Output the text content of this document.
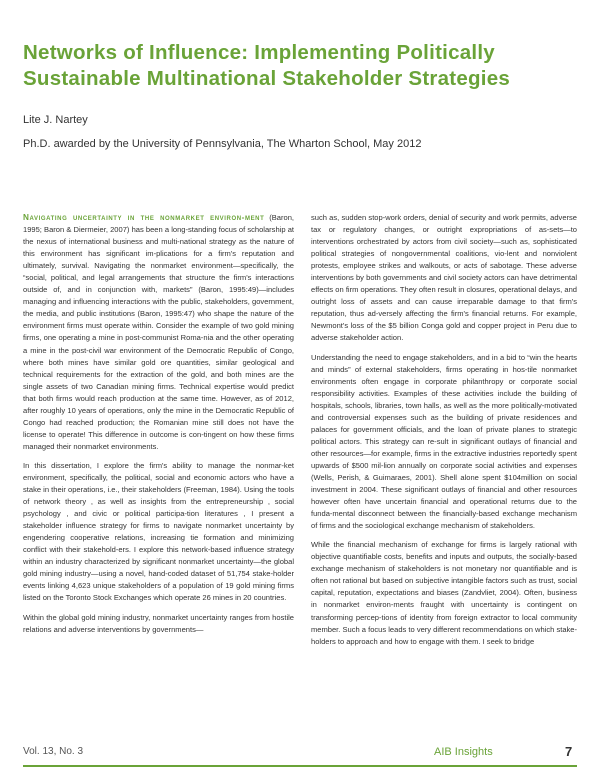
Networks of Influence: Implementing Politically Sustainable Multinational Stakeholder Strategies

Lite J. Nartey

Ph.D. awarded by the University of Pennsylvania, The Wharton School, May 2012

Navigating uncertainty in the nonmarket environ-ment (Baron, 1995; Baron & Diermeier, 2007) has been a long-standing focus of scholarship at the nexus of international business and multi-national strategy as the nature of this environment has significant im-plications for a firm's reputation and ultimately, survival. Navigating the nonmarket environment—specifically, the “social, political, and legal arrangements that structure the firm's interactions outside of, and in conjunction with, markets” (Baron, 1995:49)—includes managing and influencing interactions with the public, stakeholders, government, the media, and public institutions (Baron, 1995:47) who shape the nature of the environment firms must operate within. Consider the example of two gold mining firms, one operating a mine in post-communist Roma-nia and the other operating a mine in the post-civil war environment of the Democratic Republic of Congo, where both mines have similar gold ore quantities, similar geological and technical requirements for the extraction of the gold, and both mines are the single assets of two Canadian mining firms. Technical expertise would predict that both firms would reach production at the same time. However, as of 2012, after roughly 10 years of operations, only the mine in the Democratic Republic of Congo had reached production; the Romanian mine still does not have the license to operate! This difference in outcome is con-tingent on how these firms managed their nonmarket environments.

In this dissertation, I explore the firm's ability to manage the nonmar-ket environment, specifically, the political, social and economic actors who have a stake in their operations, i.e., their stakeholders (Freeman, 1984). Using the tools of network theory , as well as insights from the entrepreneurship , social psychology , and civic or political participa-tion literatures , I present a stakeholder influence strategy for firms to navigate nonmarket uncertainty by engendering cooperative relations, increasing tie formation and minimizing conflict with their stakehold-ers. I explore this network-based influence strategy within an industry characterized by significant nonmarket uncertainty—the global gold mining industry—using a novel, hand-coded dataset of 51,754 stake-holder events linking 4,623 unique stakeholders of a population of 19 gold mining firms listed on the Toronto Stock Exchanges which operate 26 mines in 20 countries.

Within the global gold mining industry, nonmarket uncertainty ranges from hostile relations and adverse interventions by governments—

such as, sudden stop-work orders, denial of security and work permits, adverse tax or regulatory changes, or outright expropriations of as-sets—to interventions orchestrated by actors from civil society—such as, sophisticated political strategies of nongovernmental coalitions, vio-lent and nonviolent protests, employee strikes and walkouts, or acts of sabotage. These adverse interventions by both governments and civil society actors can have detrimental effects on firm operations. They often result in closures, operational delays, and outright loss of assets and can cause irreparable damage to that firm's reputation, thus ad-versely affecting the firm's financial returns. For example, Newmont's loss of the $5 billion Conga gold and copper project in Peru due to adverse stakeholder action.

Understanding the need to engage stakeholders, and in a bid to “win the hearts and minds” of external stakeholders, firms operating in hos-tile nonmarket environments often engage in corporate philanthropy or corporate social responsibility activities. Examples of these activities include the building of hospitals, schools, libraries, town halls, as well as the more politically-motivated and controversial expenses such as the building of private residences and palaces for government officials, and the loan of private planes to strategic political actors. This strategy can re-sult in significant outlays of financial and other resources—for example, firms in the extractive industries reportedly spent upwards of $500 mil-lion annually on corporate social activities and expenses (Wells, Perish, & Guimaraes, 2001). Shell alone spent $104million on social investment in 2004. These significant outlays of financial and other resources however often have uncertain financial and operational returns due to the funda-mental disconnect between the financially-based exchange mechanism of firms and the sociological exchange mechanism of stakeholders.

While the financial mechanism of exchange for firms is largely rational with objective quantifiable costs, benefits and inputs and outputs, the socially-based exchange mechanism of stakeholders is not monetary nor quantifiable and is often not rational but based on subjective intangible factors such as trust, social capital, reputation, expectations and biases (Zandvliet, 2004). Often, business in nonmarket environ-ments fraught with uncertainty is contingent on transforming percep-tions of identity from foreign extractor to local community member. Such a focus leads to very different recommendations on which stake-holders to approach and how to engage with them. I seek to bridge

Vol. 13, No. 3	AIB Insights	7
